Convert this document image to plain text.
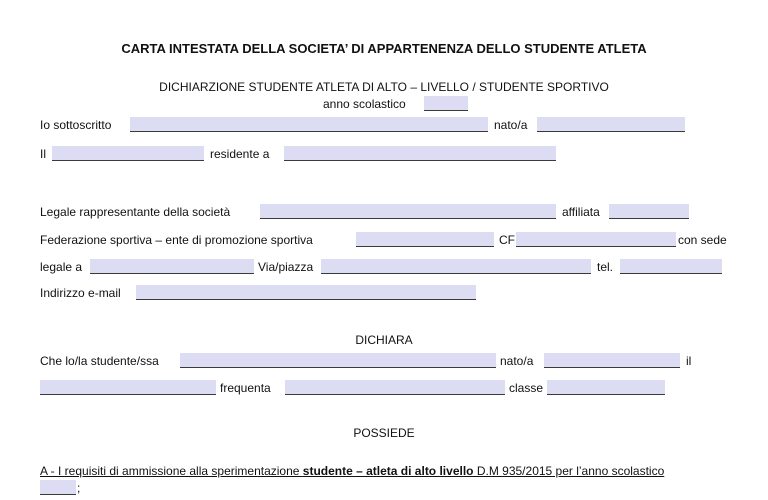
CARTA INTESTATA DELLA SOCIETA’ DI APPARTENENZA DELLO STUDENTE ATLETA
DICHIARZIONE STUDENTE ATLETA DI ALTO – LIVELLO / STUDENTE SPORTIVO
anno scolastico
Io sottoscritto	nato/a
Il	residente a
Legale rappresentante della società	affiliata
Federazione sportiva – ente di promozione sportiva	CF	con sede
legale a	Via/piazza	tel.
Indirizzo e-mail
DICHIARA
Che lo/la studente/ssa	nato/a	il
frequenta	classe
POSSIEDE
A - I requisiti di ammissione alla sperimentazione studente – atleta di alto livello D.M 935/2015 per l’anno scolastico
;
